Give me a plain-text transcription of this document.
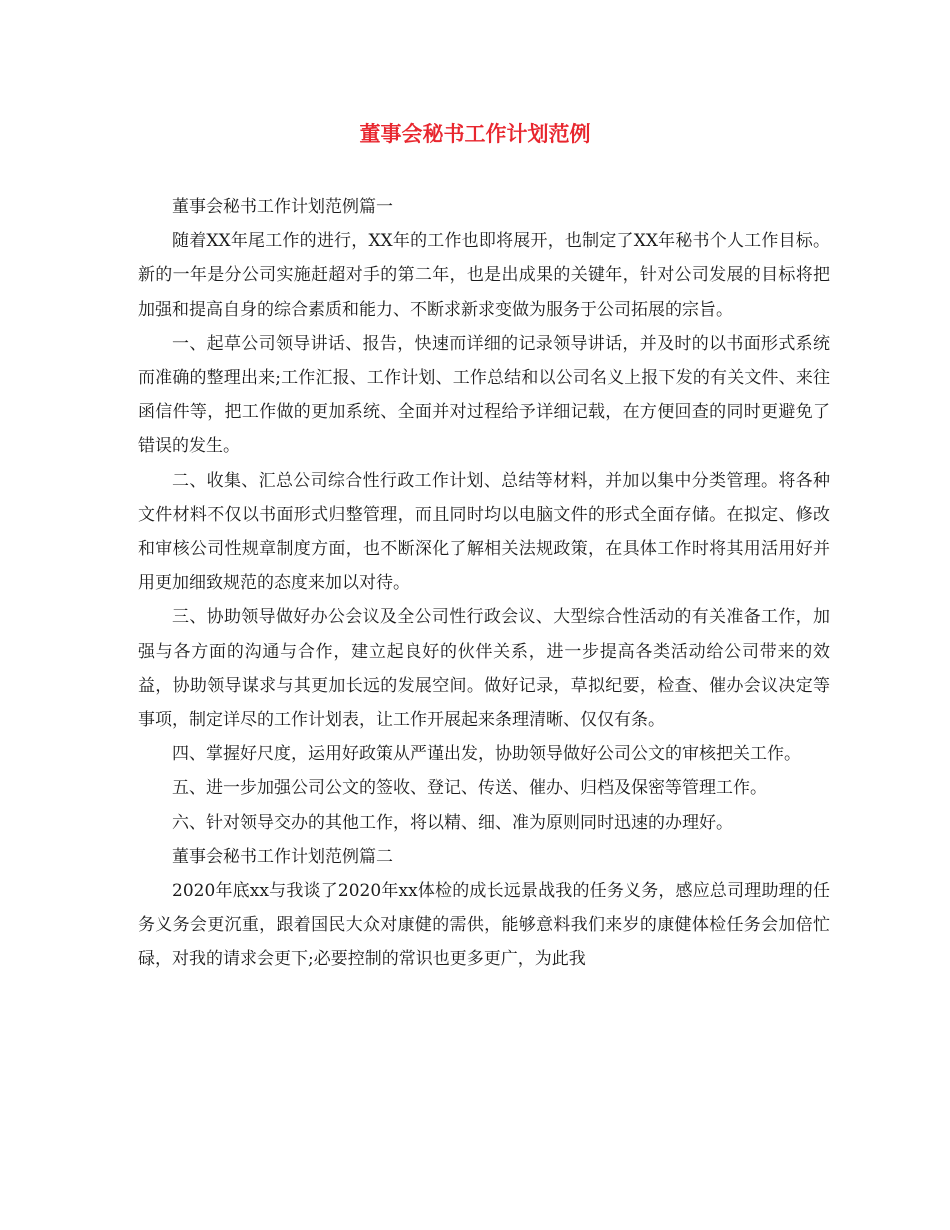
董事会秘书工作计划范例

董事会秘书工作计划范例篇一

随着XX年尾工作的进行，XX年的工作也即将展开，也制定了XX年秘书个人工作目标。新的一年是分公司实施赶超对手的第二年，也是出成果的关键年，针对公司发展的目标将把加强和提高自身的综合素质和能力、不断求新求变做为服务于公司拓展的宗旨。

一、起草公司领导讲话、报告，快速而详细的记录领导讲话，并及时的以书面形式系统而准确的整理出来;工作汇报、工作计划、工作总结和以公司名义上报下发的有关文件、来往函信件等，把工作做的更加系统、全面并对过程给予详细记载，在方便回查的同时更避免了错误的发生。

二、收集、汇总公司综合性行政工作计划、总结等材料，并加以集中分类管理。将各种文件材料不仅以书面形式归整管理，而且同时均以电脑文件的形式全面存储。在拟定、修改和审核公司性规章制度方面，也不断深化了解相关法规政策，在具体工作时将其用活用好并用更加细致规范的态度来加以对待。

三、协助领导做好办公会议及全公司性行政会议、大型综合性活动的有关准备工作，加强与各方面的沟通与合作，建立起良好的伙伴关系，进一步提高各类活动给公司带来的效益，协助领导谋求与其更加长远的发展空间。做好记录，草拟纪要，检查、催办会议决定等事项，制定详尽的工作计划表，让工作开展起来条理清晰、仅仅有条。

四、掌握好尺度，运用好政策从严谨出发，协助领导做好公司公文的审核把关工作。

五、进一步加强公司公文的签收、登记、传送、催办、归档及保密等管理工作。

六、针对领导交办的其他工作，将以精、细、准为原则同时迅速的办理好。

董事会秘书工作计划范例篇二

2020年底xx与我谈了2020年xx体检的成长远景战我的任务义务，感应总司理助理的任务义务会更沉重，跟着国民大众对康健的需供，能够意料我们来岁的康健体检任务会加倍忙碌，对我的请求会更下;必要控制的常识也更多更广，为此我
